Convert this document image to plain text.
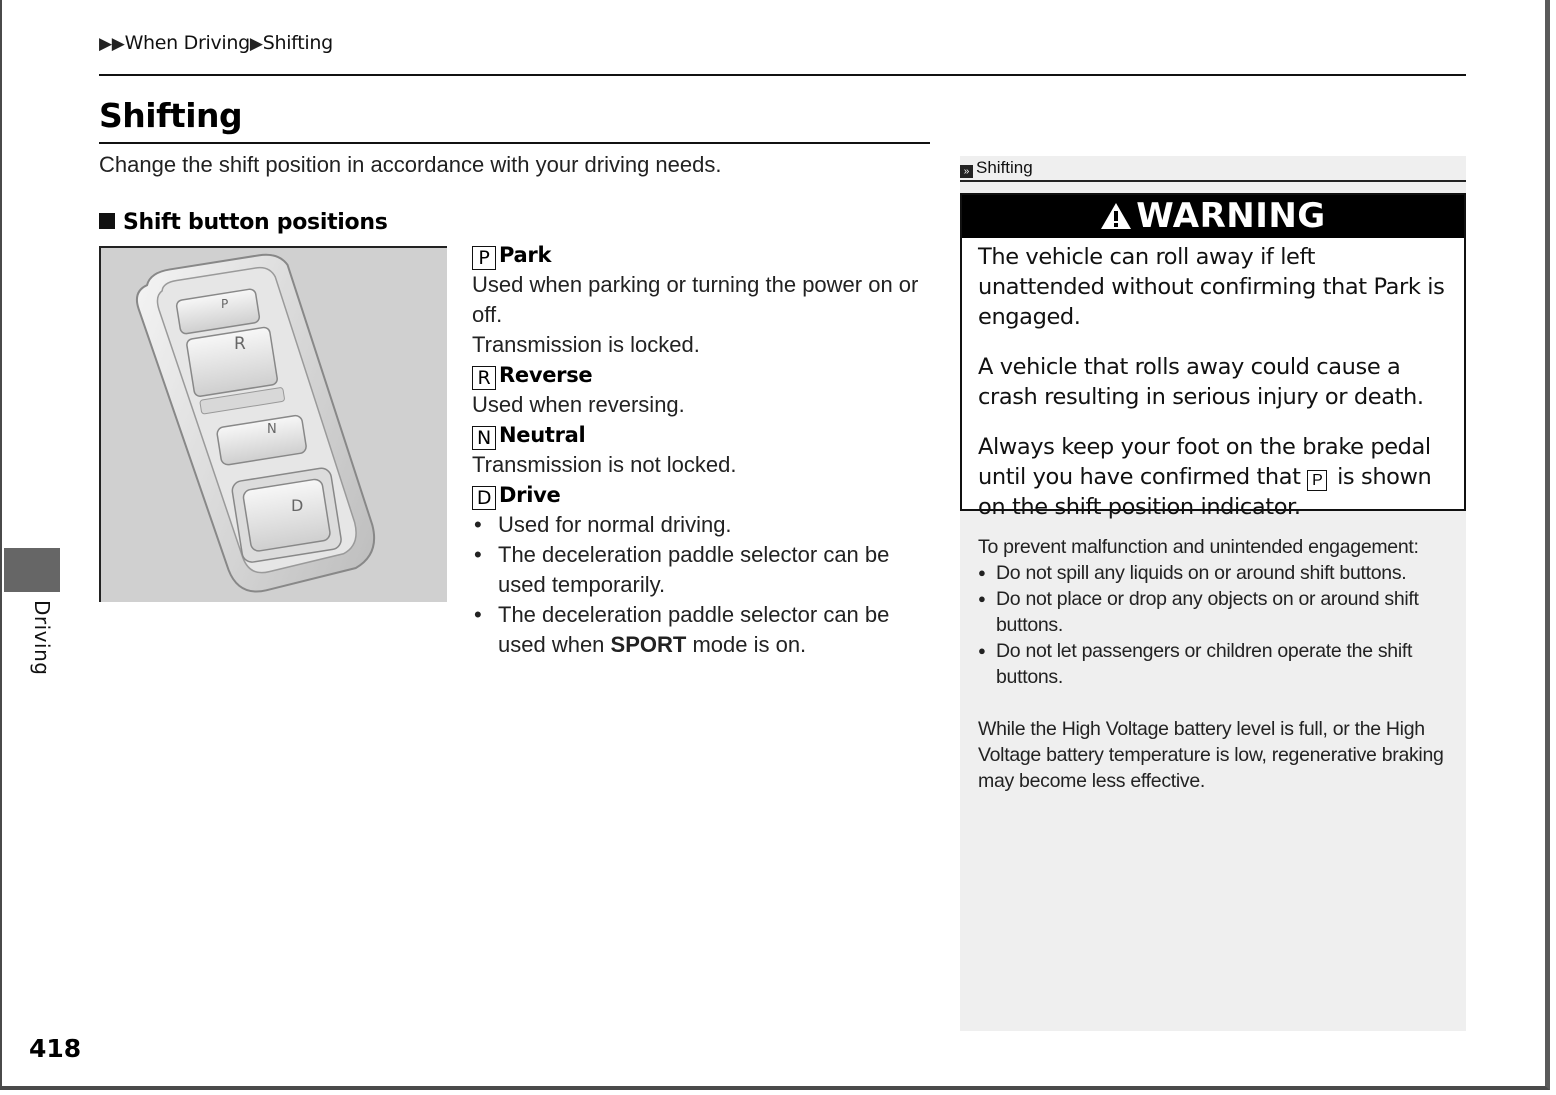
▶▶When Driving▶Shifting
Shifting
Change the shift position in accordance with your driving needs.
Shift button positions
P
R
N
D
P Park
Used when parking or turning the power on or off.
Transmission is locked.
R Reverse
Used when reversing.
N Neutral
Transmission is not locked.
D Drive
• Used for normal driving.
• The deceleration paddle selector can be used temporarily.
• The deceleration paddle selector can be used when SPORT mode is on.
» Shifting
WARNING

The vehicle can roll away if left unattended without confirming that Park is engaged.

A vehicle that rolls away could cause a crash resulting in serious injury or death.

Always keep your foot on the brake pedal until you have confirmed that P is shown on the shift position indicator.

To prevent malfunction and unintended engagement:

● Do not spill any liquids on or around shift buttons.
● Do not place or drop any objects on or around shift buttons.
● Do not let passengers or children operate the shift buttons.

While the High Voltage battery level is full, or the High Voltage battery temperature is low, regenerative braking may become less effective.

Driving
418
